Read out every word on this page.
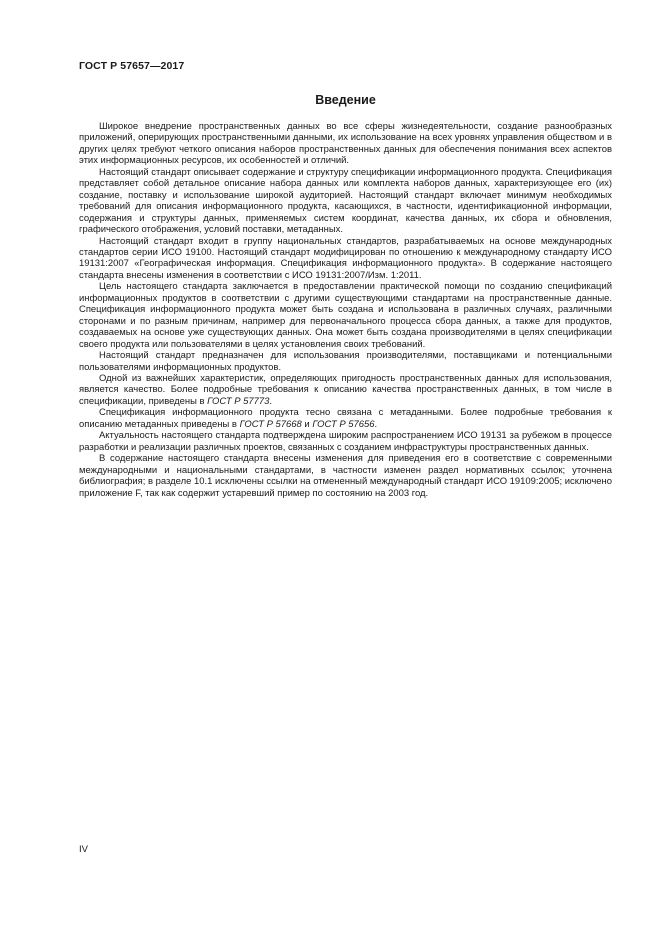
ГОСТ Р 57657—2017
Введение

Широкое внедрение пространственных данных во все сферы жизнедеятельности, создание разнообразных приложений, оперирующих пространственными данными, их использование на всех уровнях управления обществом и в других целях требуют четкого описания наборов пространственных данных для обеспечения понимания всех аспектов этих информационных ресурсов, их особенностей и отличий.

Настоящий стандарт описывает содержание и структуру спецификации информационного продукта. Спецификация представляет собой детальное описание набора данных или комплекта наборов данных, характеризующее его (их) создание, поставку и использование широкой аудиторией. Настоящий стандарт включает минимум необходимых требований для описания информационного продукта, касающихся, в частности, идентификационной информации, содержания и структуры данных, применяемых систем координат, качества данных, их сбора и обновления, графического отображения, условий поставки, метаданных.

Настоящий стандарт входит в группу национальных стандартов, разрабатываемых на основе международных стандартов серии ИСО 19100. Настоящий стандарт модифицирован по отношению к международному стандарту ИСО 19131:2007 «Географическая информация. Спецификация информационного продукта». В содержание настоящего стандарта внесены изменения в соответствии с ИСО 19131:2007/Изм. 1:2011.

Цель настоящего стандарта заключается в предоставлении практической помощи по созданию спецификаций информационных продуктов в соответствии с другими существующими стандартами на пространственные данные. Спецификация информационного продукта может быть создана и использована в различных случаях, различными сторонами и по разным причинам, например для первоначального процесса сбора данных, а также для продуктов, создаваемых на основе уже существующих данных. Она может быть создана производителями в целях спецификации своего продукта или пользователями в целях установления своих требований.

Настоящий стандарт предназначен для использования производителями, поставщиками и потенциальными пользователями информационных продуктов.

Одной из важнейших характеристик, определяющих пригодность пространственных данных для использования, является качество. Более подробные требования к описанию качества пространственных данных, в том числе в спецификации, приведены в ГОСТ Р 57773.

Спецификация информационного продукта тесно связана с метаданными. Более подробные требования к описанию метаданных приведены в ГОСТ Р 57668 и ГОСТ Р 57656.

Актуальность настоящего стандарта подтверждена широким распространением ИСО 19131 за рубежом в процессе разработки и реализации различных проектов, связанных с созданием инфраструктуры пространственных данных.

В содержание настоящего стандарта внесены изменения для приведения его в соответствие с современными международными и национальными стандартами, в частности изменен раздел нормативных ссылок; уточнена библиография; в разделе 10.1 исключены ссылки на отмененный международный стандарт ИСО 19109:2005; исключено приложение F, так как содержит устаревший пример по состоянию на 2003 год.

IV
